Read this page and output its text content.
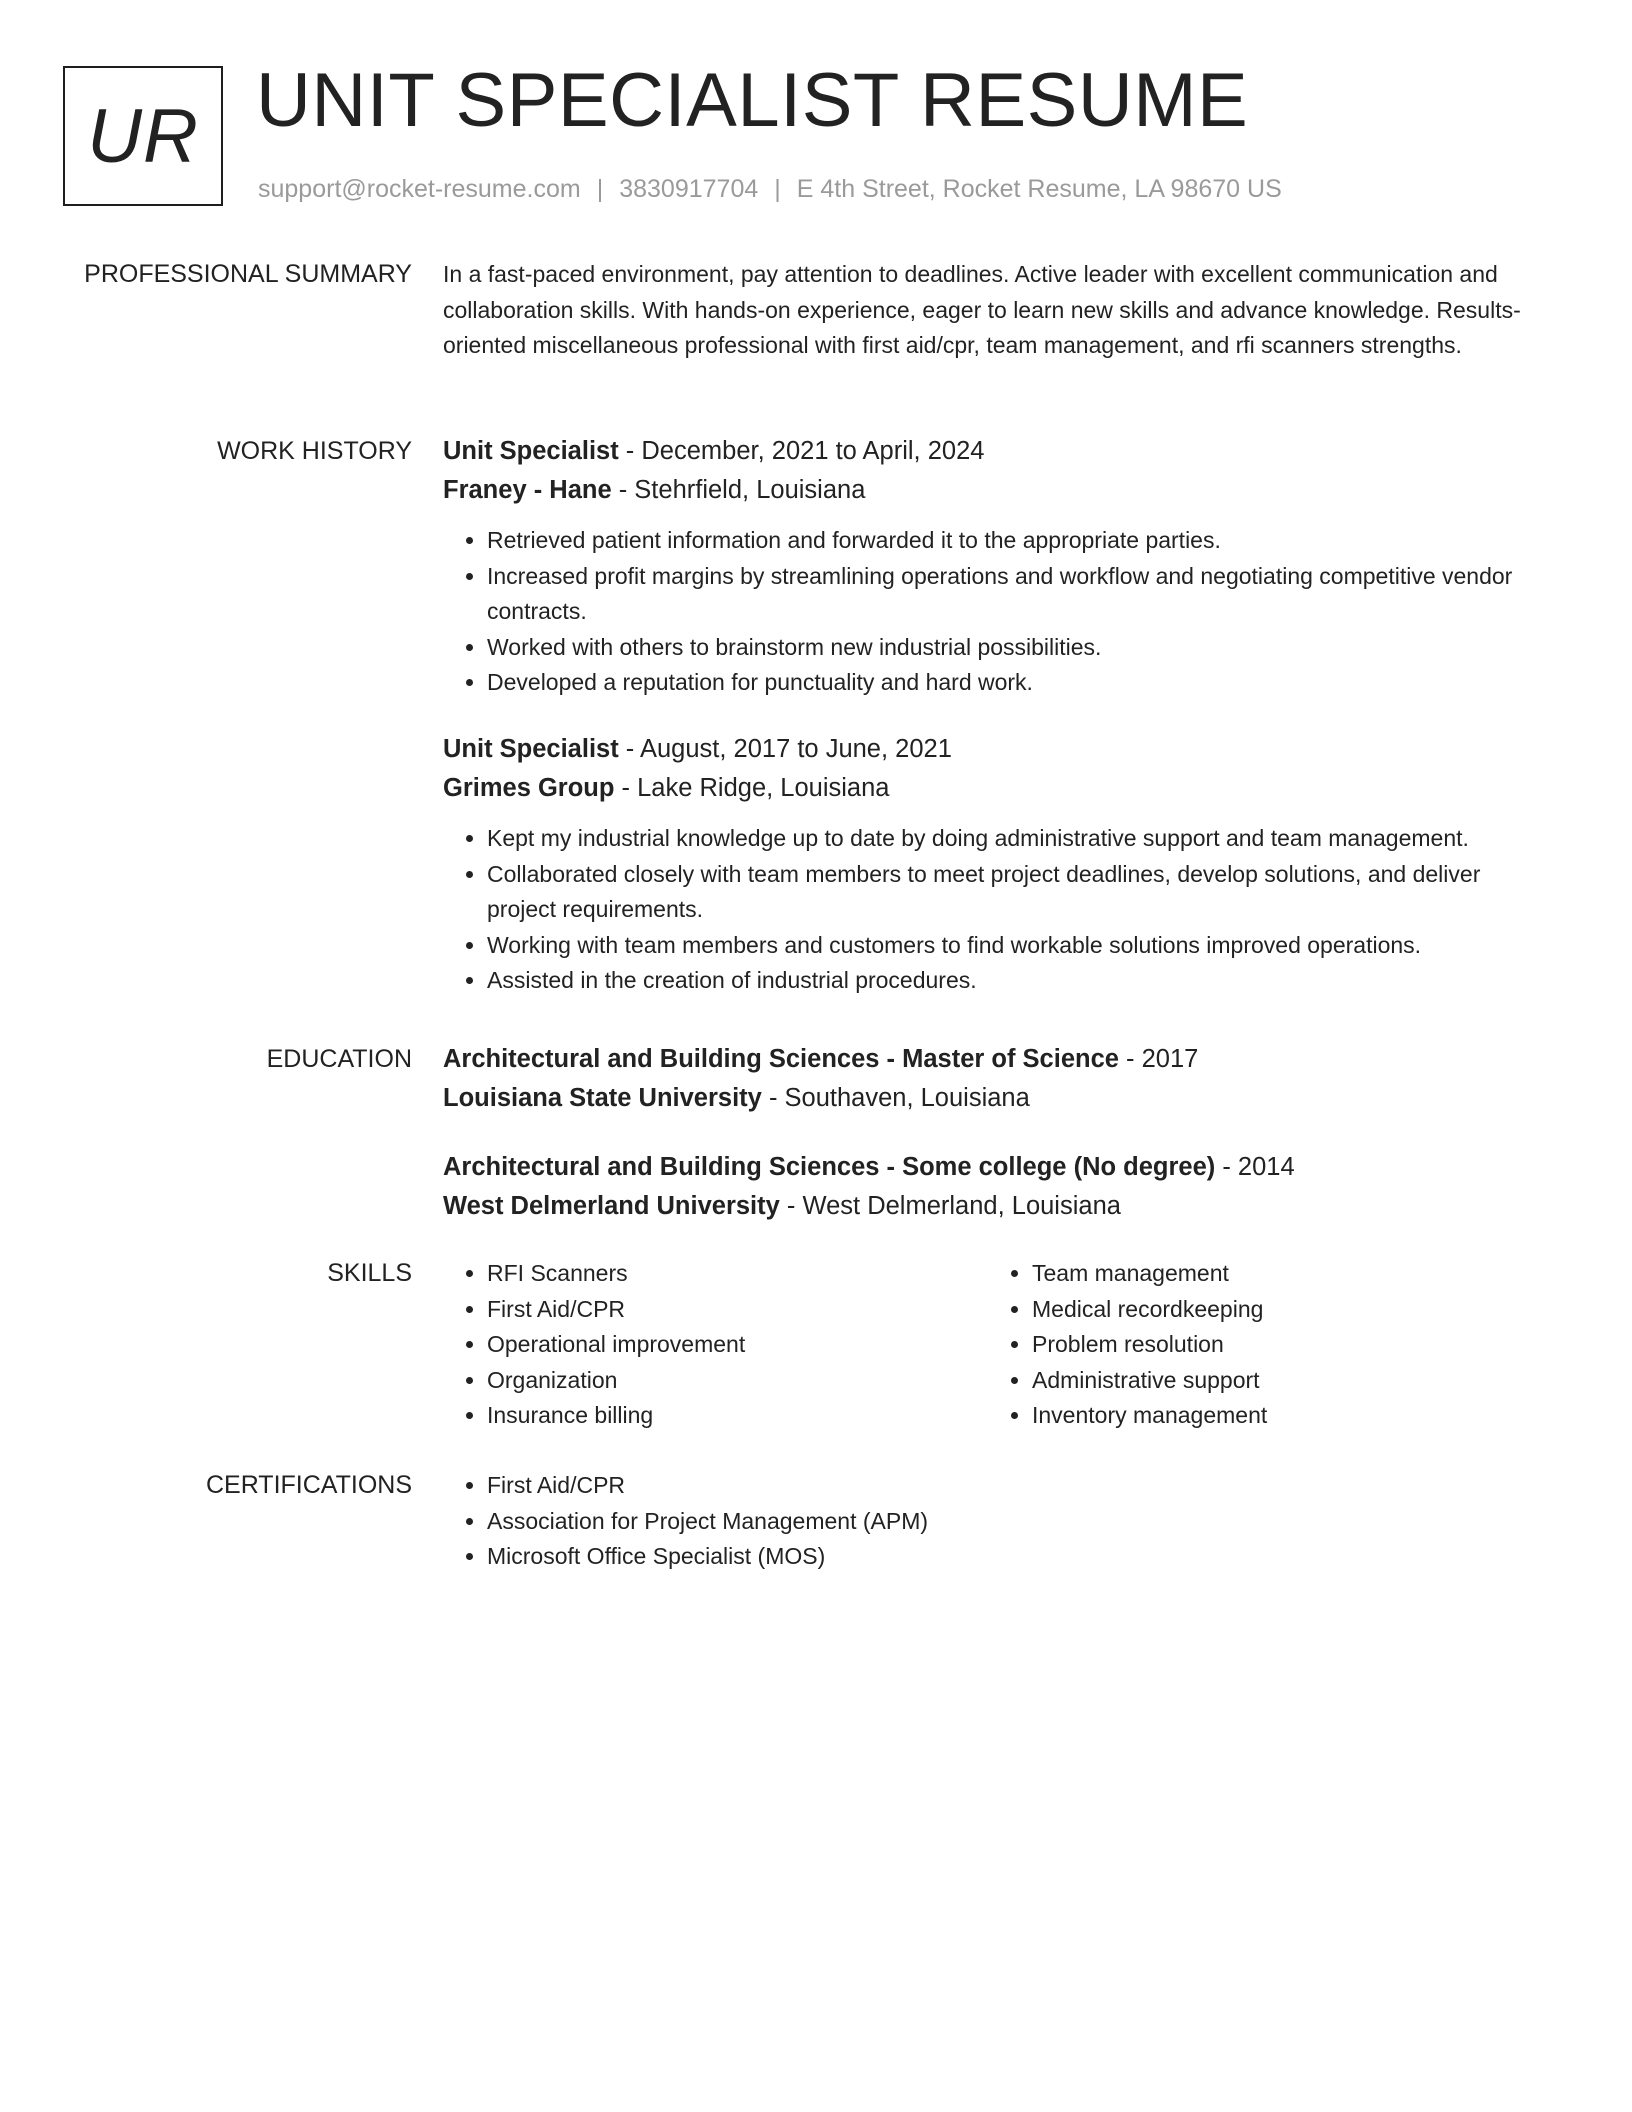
UR UNIT SPECIALIST RESUME
support@rocket-resume.com | 3830917704 | E 4th Street, Rocket Resume, LA 98670 US
PROFESSIONAL SUMMARY In a fast-paced environment, pay attention to deadlines. Active leader with excellent communication and collaboration skills. With hands-on experience, eager to learn new skills and advance knowledge. Results-oriented miscellaneous professional with first aid/cpr, team management, and rfi scanners strengths.

WORK HISTORY Unit Specialist - December, 2021 to April, 2024
Franey - Hane - Stehrfield, Louisiana
• Retrieved patient information and forwarded it to the appropriate parties.
• Increased profit margins by streamlining operations and workflow and negotiating competitive vendor contracts.
• Worked with others to brainstorm new industrial possibilities.
• Developed a reputation for punctuality and hard work.
Unit Specialist - August, 2017 to June, 2021
Grimes Group - Lake Ridge, Louisiana
• Kept my industrial knowledge up to date by doing administrative support and team management.
• Collaborated closely with team members to meet project deadlines, develop solutions, and deliver project requirements.
• Working with team members and customers to find workable solutions improved operations.
• Assisted in the creation of industrial procedures.
EDUCATION Architectural and Building Sciences - Master of Science - 2017
Louisiana State University - Southaven, Louisiana
Architectural and Building Sciences - Some college (No degree) - 2014
West Delmerland University - West Delmerland, Louisiana
SKILLS	• RFI Scanners
• First Aid/CPR
• Operational improvement
• Organization
• Insurance billing
• Team management
• Medical recordkeeping
• Problem resolution
• Administrative support
• Inventory management
CERTIFICATIONS	• First Aid/CPR
• Association for Project Management (APM)
• Microsoft Office Specialist (MOS)
